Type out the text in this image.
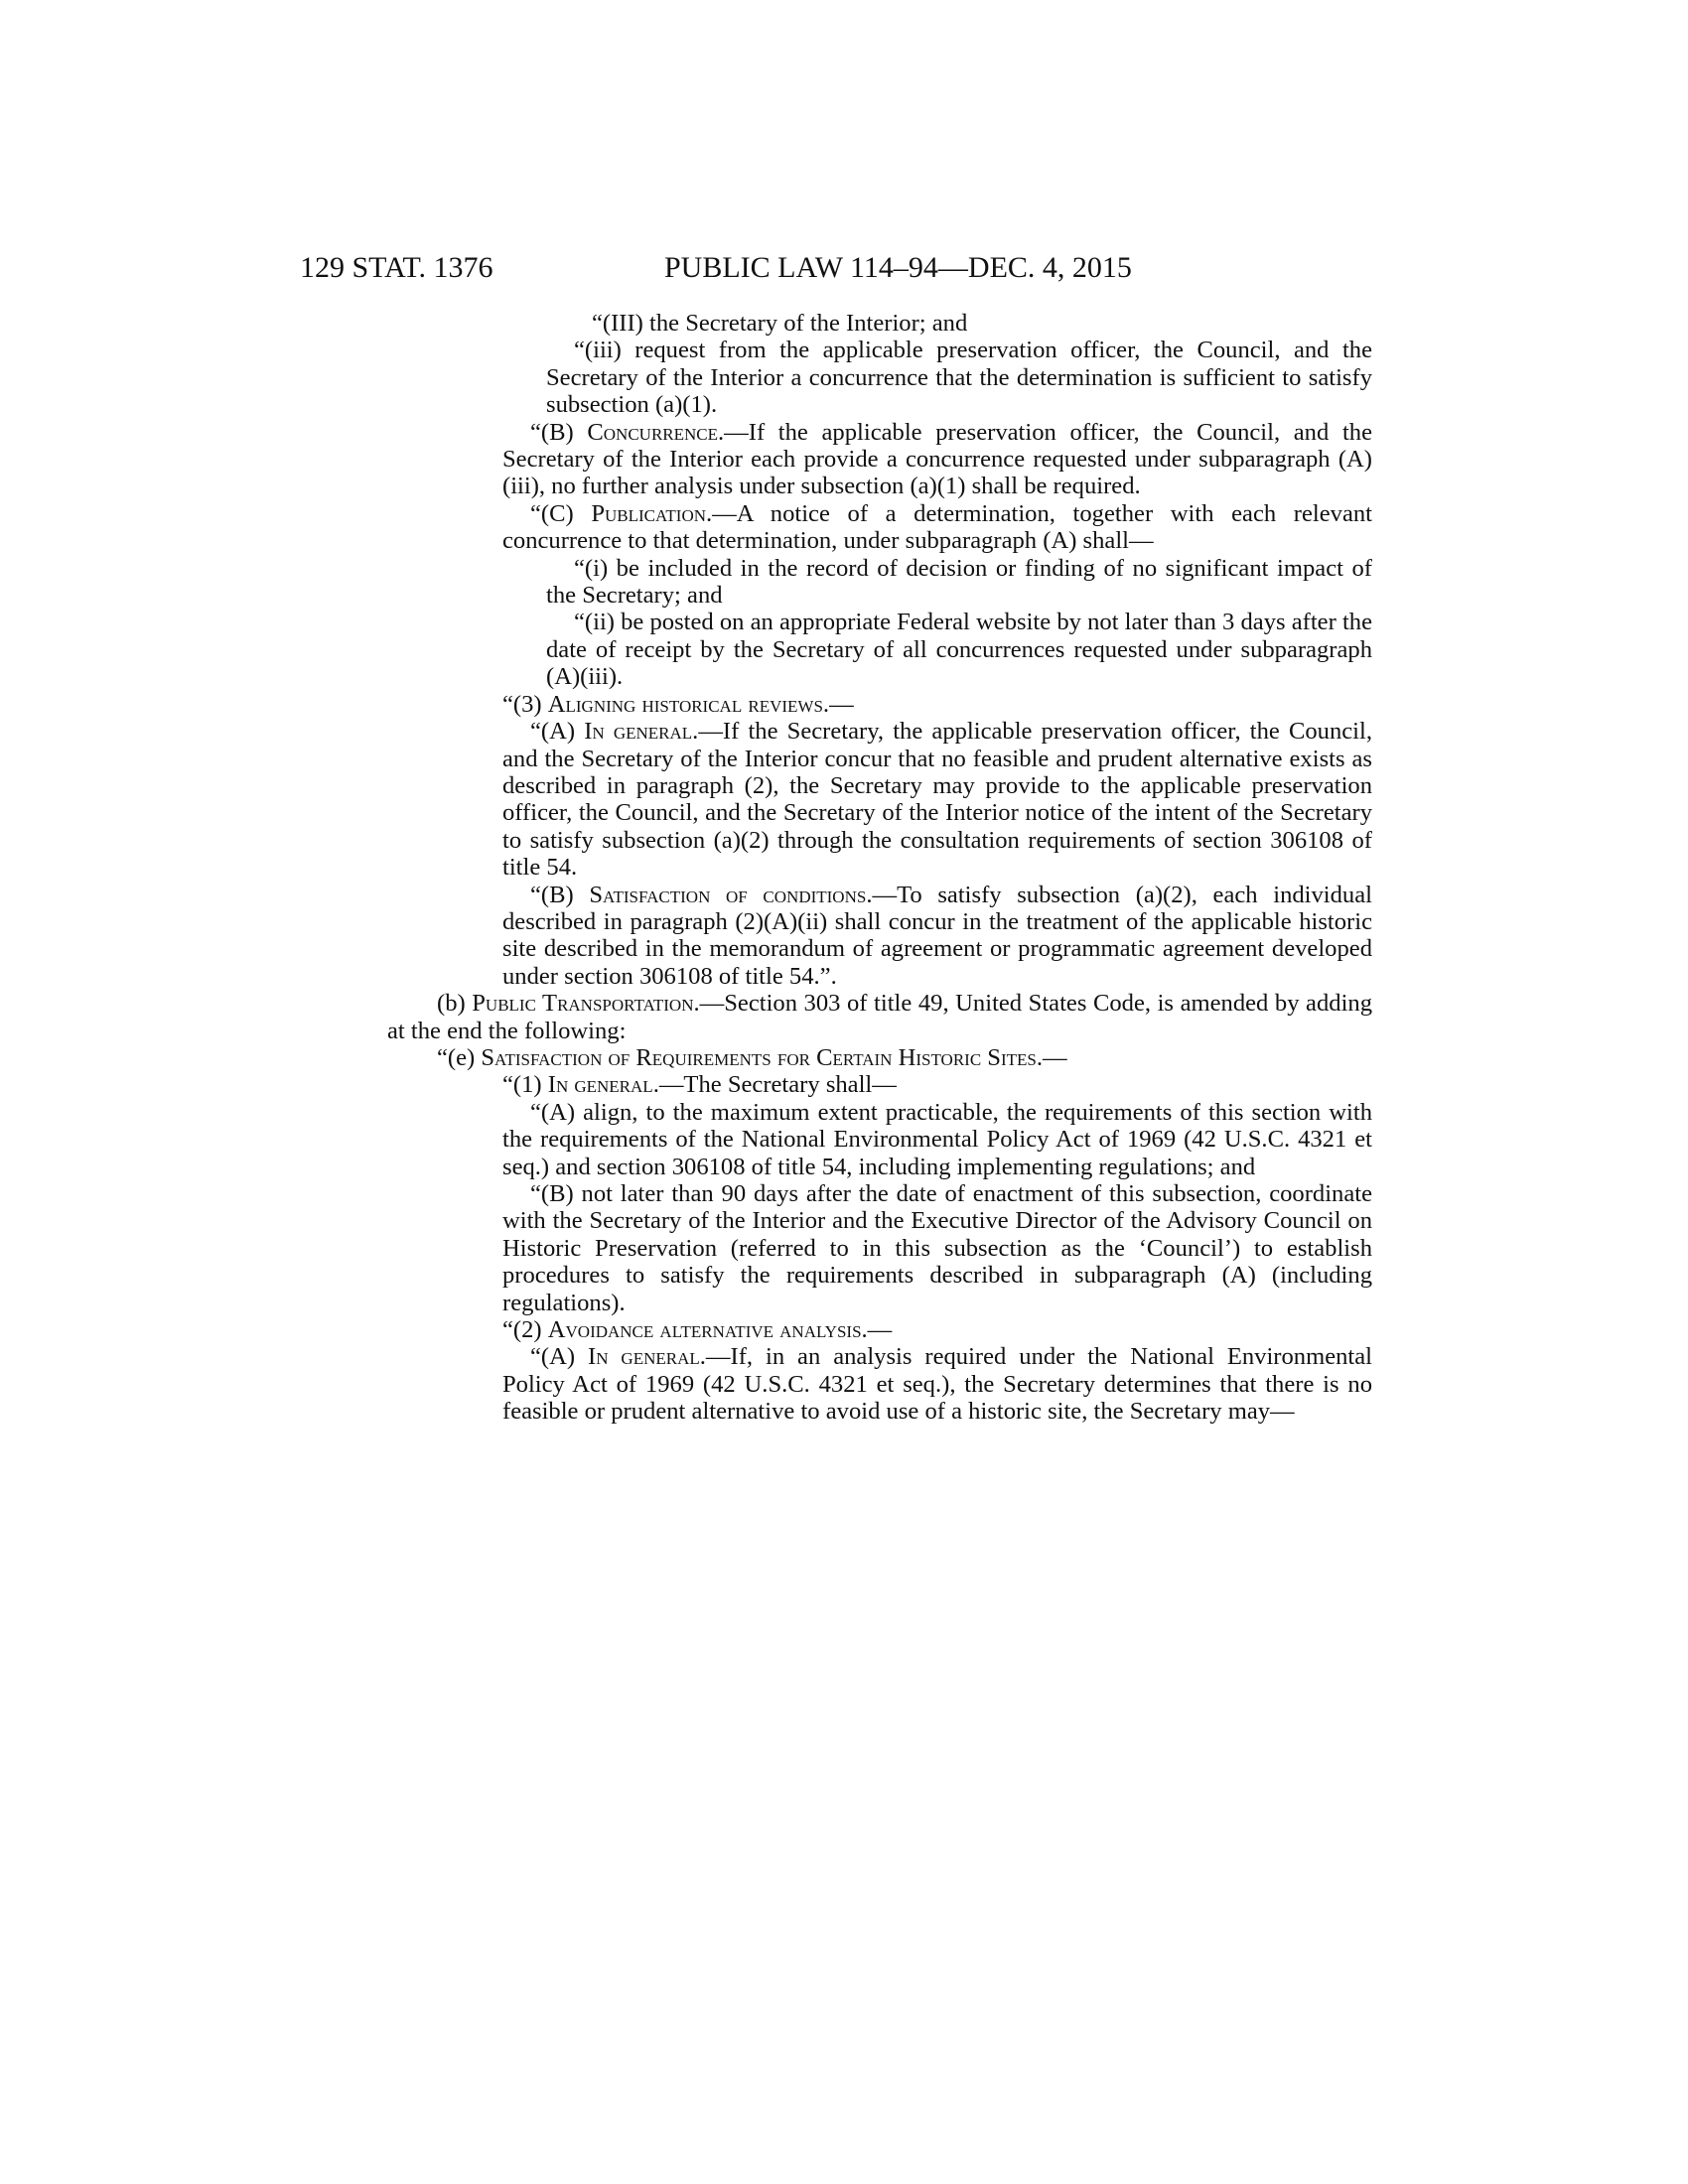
129 STAT. 1376	PUBLIC LAW 114–94—DEC. 4, 2015

“(III) the Secretary of the Interior; and

“(iii) request from the applicable preservation officer, the Council, and the Secretary of the Interior a concurrence that the determination is sufficient to satisfy subsection (a)(1).

“(B) Concurrence.—If the applicable preservation officer, the Council, and the Secretary of the Interior each provide a concurrence requested under subparagraph (A)(iii), no further analysis under subsection (a)(1) shall be required.

“(C) Publication.—A notice of a determination, together with each relevant concurrence to that determination, under subparagraph (A) shall—

“(i) be included in the record of decision or finding of no significant impact of the Secretary; and

“(ii) be posted on an appropriate Federal website by not later than 3 days after the date of receipt by the Secretary of all concurrences requested under subparagraph (A)(iii).

“(3) Aligning historical reviews.—

“(A) In general.—If the Secretary, the applicable preservation officer, the Council, and the Secretary of the Interior concur that no feasible and prudent alternative exists as described in paragraph (2), the Secretary may provide to the applicable preservation officer, the Council, and the Secretary of the Interior notice of the intent of the Secretary to satisfy subsection (a)(2) through the consultation requirements of section 306108 of title 54.

“(B) Satisfaction of conditions.—To satisfy subsection (a)(2), each individual described in paragraph (2)(A)(ii) shall concur in the treatment of the applicable historic site described in the memorandum of agreement or programmatic agreement developed under section 306108 of title 54.”.

(b) Public Transportation.—Section 303 of title 49, United States Code, is amended by adding at the end the following:

“(e) Satisfaction of Requirements for Certain Historic Sites.—

“(1) In general.—The Secretary shall—

“(A) align, to the maximum extent practicable, the requirements of this section with the requirements of the National Environmental Policy Act of 1969 (42 U.S.C. 4321 et seq.) and section 306108 of title 54, including implementing regulations; and

“(B) not later than 90 days after the date of enactment of this subsection, coordinate with the Secretary of the Interior and the Executive Director of the Advisory Council on Historic Preservation (referred to in this subsection as the ‘Council’) to establish procedures to satisfy the requirements described in subparagraph (A) (including regulations).

“(2) Avoidance alternative analysis.—

“(A) In general.—If, in an analysis required under the National Environmental Policy Act of 1969 (42 U.S.C. 4321 et seq.), the Secretary determines that there is no feasible or prudent alternative to avoid use of a historic site, the Secretary may—
